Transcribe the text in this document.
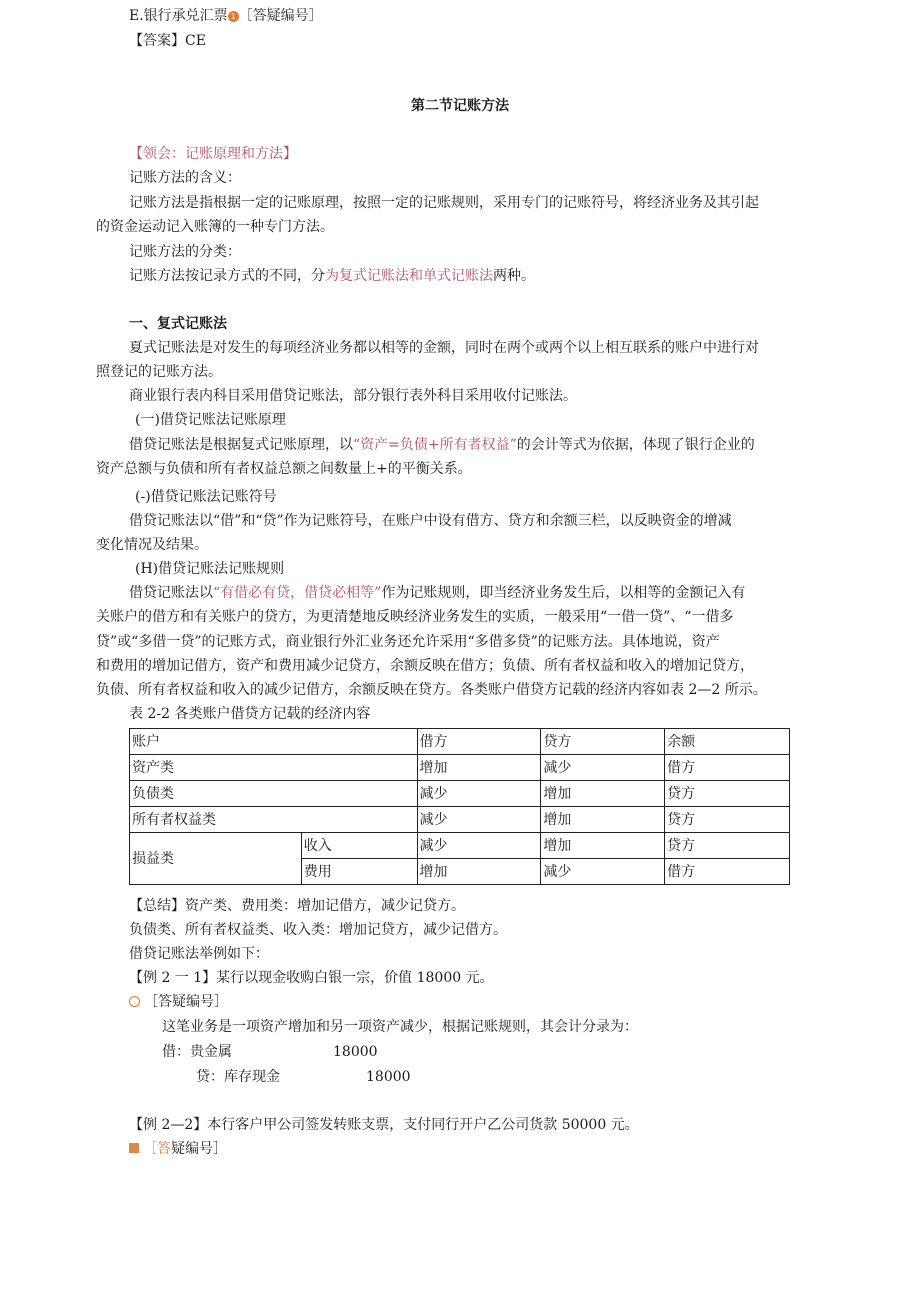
E.银行承兑汇票 1 ［答疑编号］
【答案】CE
第二节记账方法
【领会：记账原理和方法】
记账方法的含义：
记账方法是指根据一定的记账原理，按照一定的记账规则，采用专门的记账符号，将经济业务及其引起
的资金运动记入账簿的一种专门方法。
记账方法的分类：
记账方法按记录方式的不同，分为复式记账法和单式记账法两种。
一、复式记账法
夏式记账法是对发生的每项经济业务都以相等的金额，同时在两个或两个以上相互联系的账户中进行对
照登记的记账方法。
商业银行表内科目采用借贷记账法，部分银行表外科目采用收付记账法。
(一)借贷记账法记账原理
借贷记账法是根据复式记账原理，以“资产=负债+所有者权益”的会计等式为依据，体现了银行企业的
资产总额与负债和所有者权益总额之间数量上+的平衡关系。
(-)借贷记账法记账符号
借贷记账法以“借”和“贷”作为记账符号，在账户中设有借方、贷方和余额三栏，以反映资金的增减
变化情况及结果。
(H)借贷记账法记账规则
借贷记账法以“有借必有贷，借贷必相等”作为记账规则，即当经济业务发生后，以相等的金额记入有
关账户的借方和有关账户的贷方，为更清楚地反映经济业务发生的实质，一般采用“一借一贷”、“一借多
贷”或“多借一贷”的记账方式，商业银行外汇业务还允许采用“多借多贷”的记账方法。具体地说，资产
和费用的增加记借方，资产和费用减少记贷方，余额反映在借方；负债、所有者权益和收入的增加记贷方，
负债、所有者权益和收入的减少记借方，余额反映在贷方。各类账户借贷方记载的经济内容如表 2—2 所示。
表 2-2 各类账户借贷方记载的经济内容
账户		借方	贷方	余额
资产类		增加	减少	借方
负债类		减少	增加	贷方
所有者权益类		减少	增加	贷方
损益类	收入	减少	增加	贷方
	费用	增加	减少	借方
【总结】资产类、费用类：增加记借方，减少记贷方。
负债类、所有者权益类、收入类：增加记贷方，减少记借方。
借贷记账法举例如下：
【例 2 一 1】某行以现金收购白银一宗，价值 18000 元。
［答疑编号］
这笔业务是一项资产增加和另一项资产减少，根据记账规则，其会计分录为：
借：贵金属	18000
贷：库存现金	18000
【例 2—2】本行客户甲公司签发转账支票，支付同行开户乙公司货款 50000 元。
［答疑编号］
